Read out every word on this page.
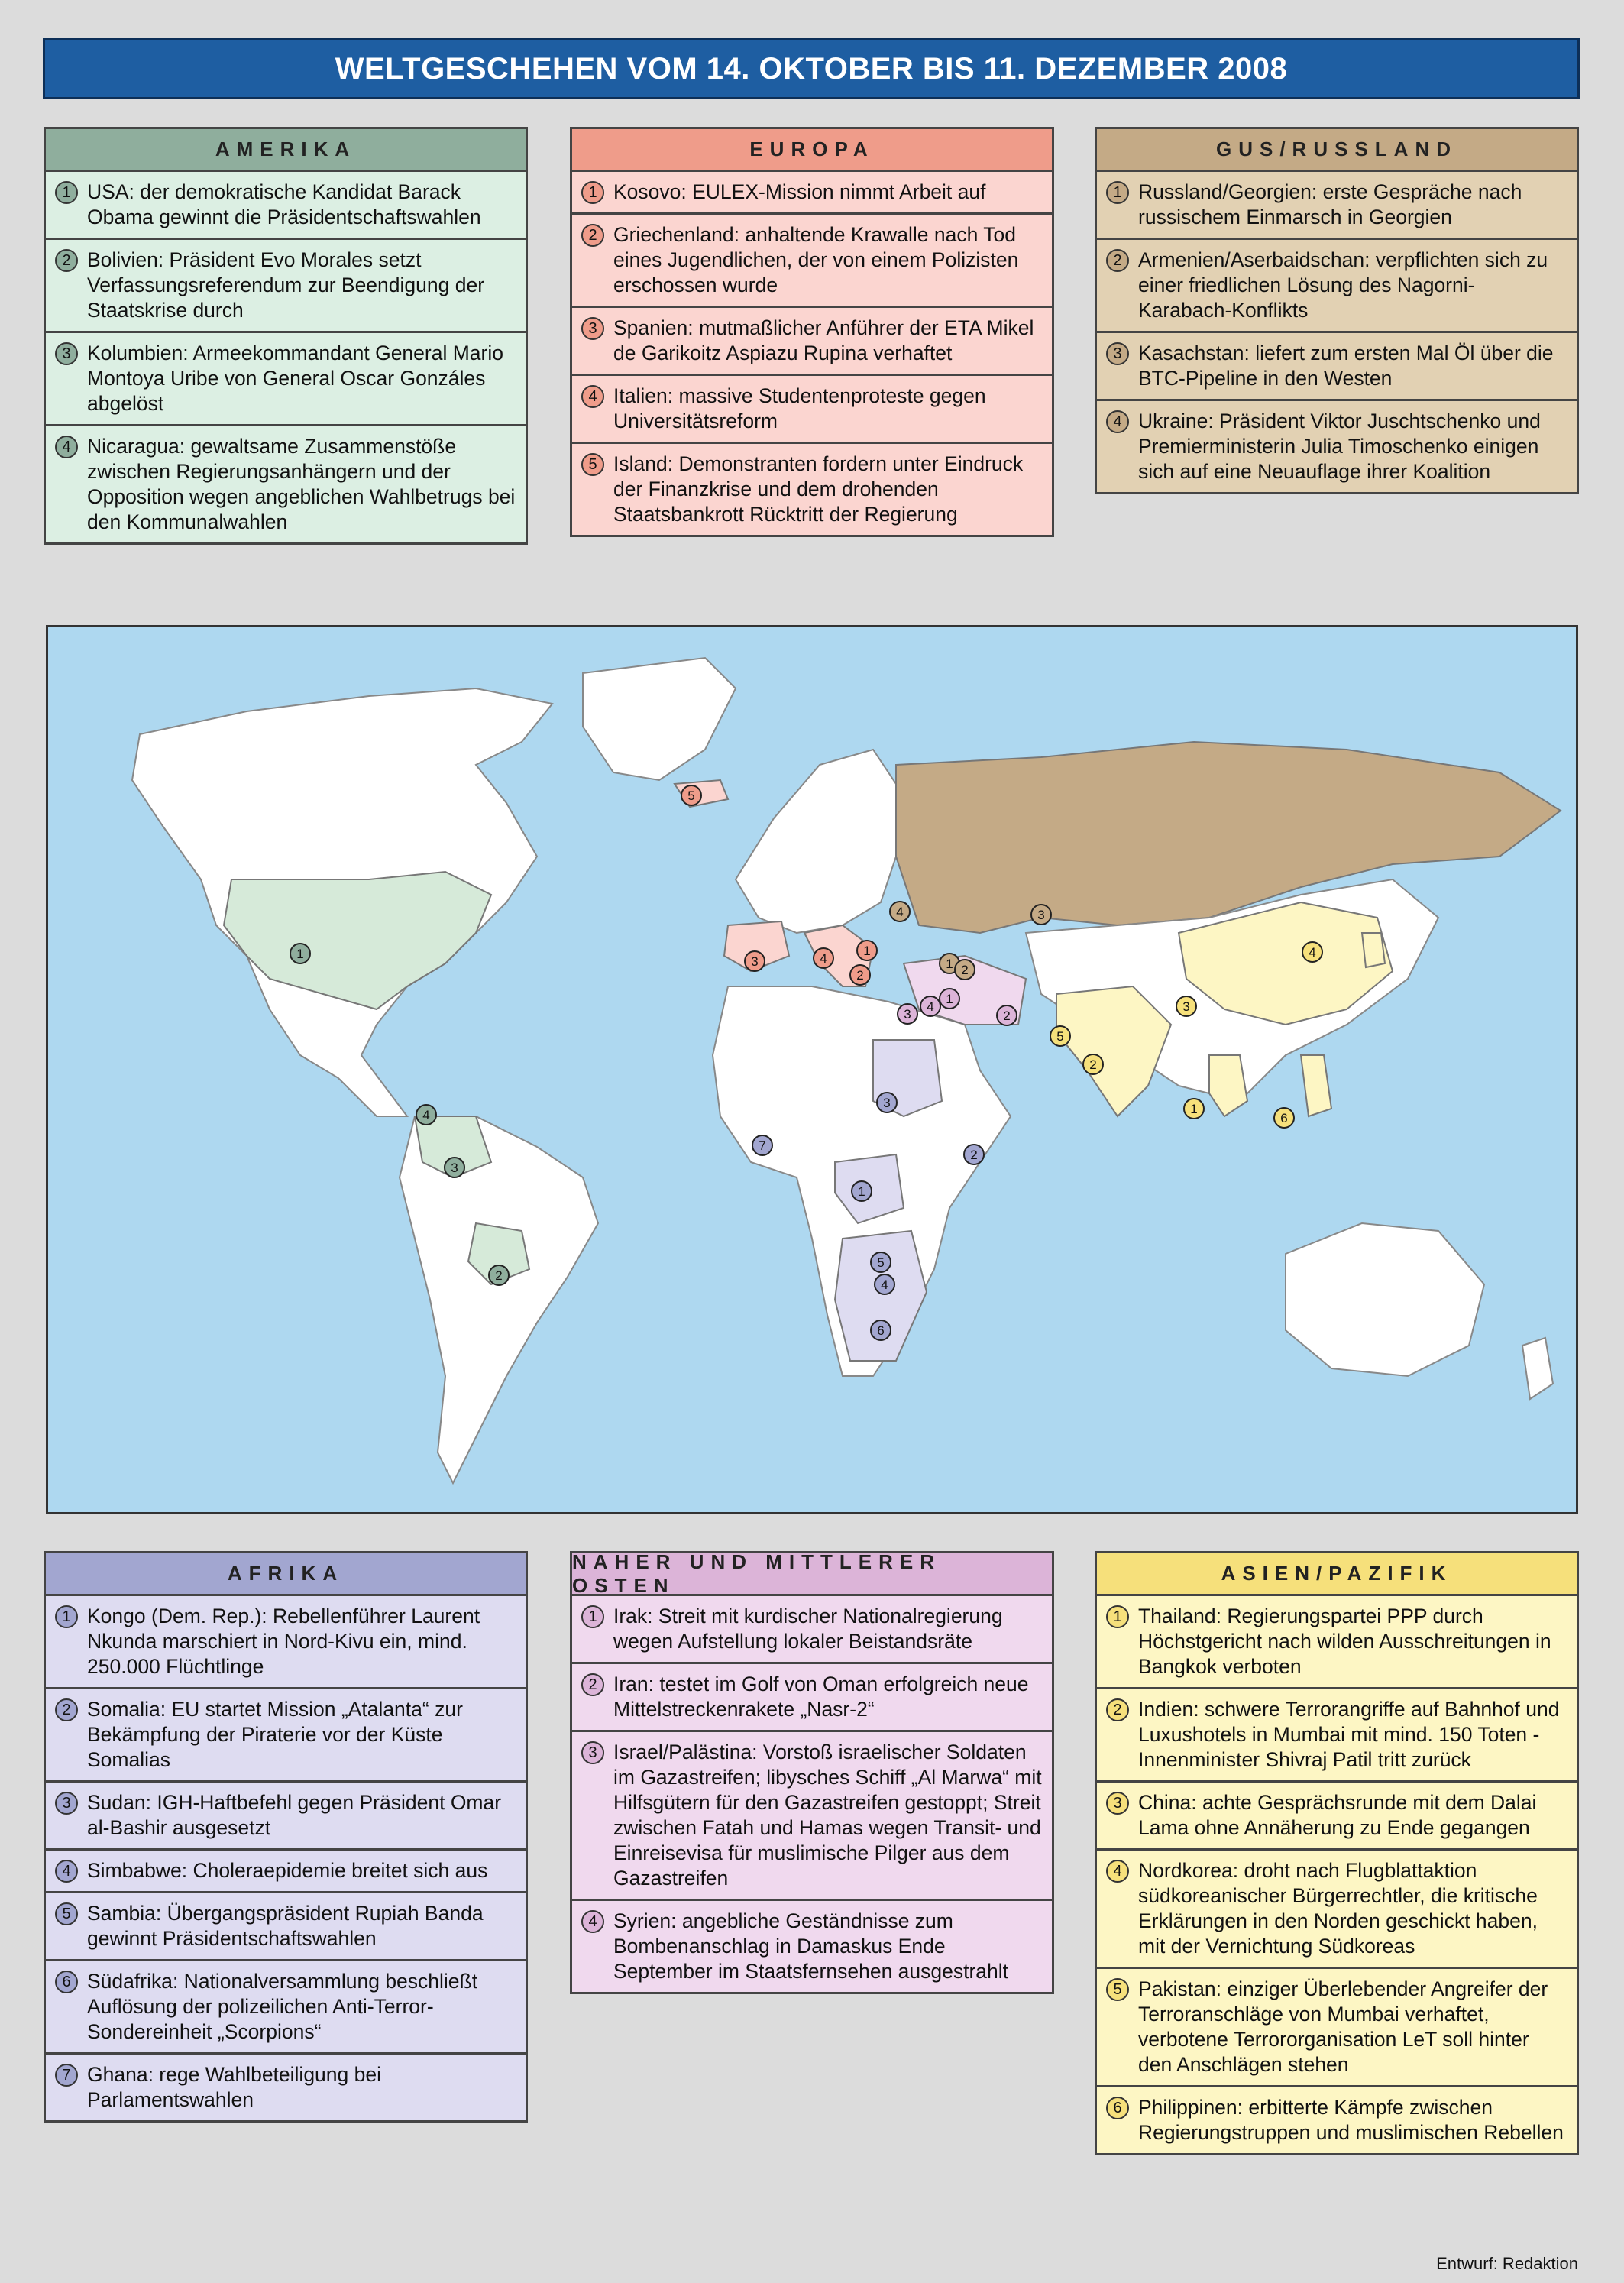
WELTGESCHEHEN VOM 14. OKTOBER BIS 11. DEZEMBER 2008
AMERIKA
1 USA: der demokratische Kandidat Barack Obama gewinnt die Präsidentschaftswahlen
2 Bolivien: Präsident Evo Morales setzt Verfassungsreferendum zur Beendigung der Staatskrise durch
3 Kolumbien: Armeekommandant General Mario Montoya Uribe von General Oscar Gonzáles abgelöst
4 Nicaragua: gewaltsame Zusammenstöße zwischen Regierungsanhängern und der Opposition wegen angeblichen Wahlbetrugs bei den Kommunalwahlen
EUROPA
1 Kosovo: EULEX-Mission nimmt Arbeit auf
2 Griechenland: anhaltende Krawalle nach Tod eines Jugendlichen, der von einem Polizisten erschossen wurde
3 Spanien: mutmaßlicher Anführer der ETA Mikel de Garikoitz Aspiazu Rupina verhaftet
4 Italien: massive Studentenproteste gegen Universitätsreform
5 Island: Demonstranten fordern unter Eindruck der Finanzkrise und dem drohenden Staatsbankrott Rücktritt der Regierung
GUS/RUSSLAND
1 Russland/Georgien: erste Gespräche nach russischem Einmarsch in Georgien
2 Armenien/Aserbaidschan: verpflichten sich zu einer friedlichen Lösung des Nagorni-Karabach-Konflikts
3 Kasachstan: liefert zum ersten Mal Öl über die BTC-Pipeline in den Westen
4 Ukraine: Präsident Viktor Juschtschenko und Premierministerin Julia Timoschenko einigen sich auf eine Neuauflage ihrer Koalition
1
2
3
4
1
2
3	4
5
1 2
3
4
1
2
3
4
5
6
7
1
2
3
4
1
2
3
4
5
6
AFRIKA
1 Kongo (Dem. Rep.): Rebellenführer Laurent Nkunda marschiert in Nord-Kivu ein, mind. 250.000 Flüchtlinge
2 Somalia: EU startet Mission „Atalanta“ zur Bekämpfung der Piraterie vor der Küste Somalias
3 Sudan: IGH-Haftbefehl gegen Präsident Omar al-Bashir ausgesetzt
4 Simbabwe: Choleraepidemie breitet sich aus
5 Sambia: Übergangspräsident Rupiah Banda gewinnt Präsidentschaftswahlen
6 Südafrika: Nationalversammlung beschließt Auflösung der polizeilichen Anti-Terror-Sondereinheit „Scorpions“
7 Ghana: rege Wahlbeteiligung bei Parlamentswahlen
NAHER UND MITTLERER OSTEN
1 Irak: Streit mit kurdischer Nationalregierung wegen Aufstellung lokaler Beistandsräte
2 Iran: testet im Golf von Oman erfolgreich neue Mittelstreckenrakete „Nasr-2“
3 Israel/Palästina: Vorstoß israelischer Soldaten im Gazastreifen; libysches Schiff „Al Marwa“ mit Hilfsgütern für den Gazastreifen gestoppt; Streit zwischen Fatah und Hamas wegen Transit- und Einreisevisa für muslimische Pilger aus dem Gazastreifen
4 Syrien: angebliche Geständnisse zum Bombenanschlag in Damaskus Ende September im Staatsfernsehen ausgestrahlt
ASIEN/PAZIFIK
1 Thailand: Regierungspartei PPP durch Höchstgericht nach wilden Ausschreitungen in Bangkok verboten
2 Indien: schwere Terrorangriffe auf Bahnhof und Luxushotels in Mumbai mit mind. 150 Toten - Innenminister Shivraj Patil tritt zurück
3 China: achte Gesprächsrunde mit dem Dalai Lama ohne Annäherung zu Ende gegangen
4 Nordkorea: droht nach Flugblattaktion südkoreanischer Bürgerrechtler, die kritische Erklärungen in den Norden geschickt haben, mit der Vernichtung Südkoreas
5 Pakistan: einziger Überlebender Angreifer der Terroranschläge von Mumbai verhaftet, verbotene Terrororganisation LeT soll hinter den Anschlägen stehen
6 Philippinen: erbitterte Kämpfe zwischen Regierungstruppen und muslimischen Rebellen
Entwurf: Redaktion
